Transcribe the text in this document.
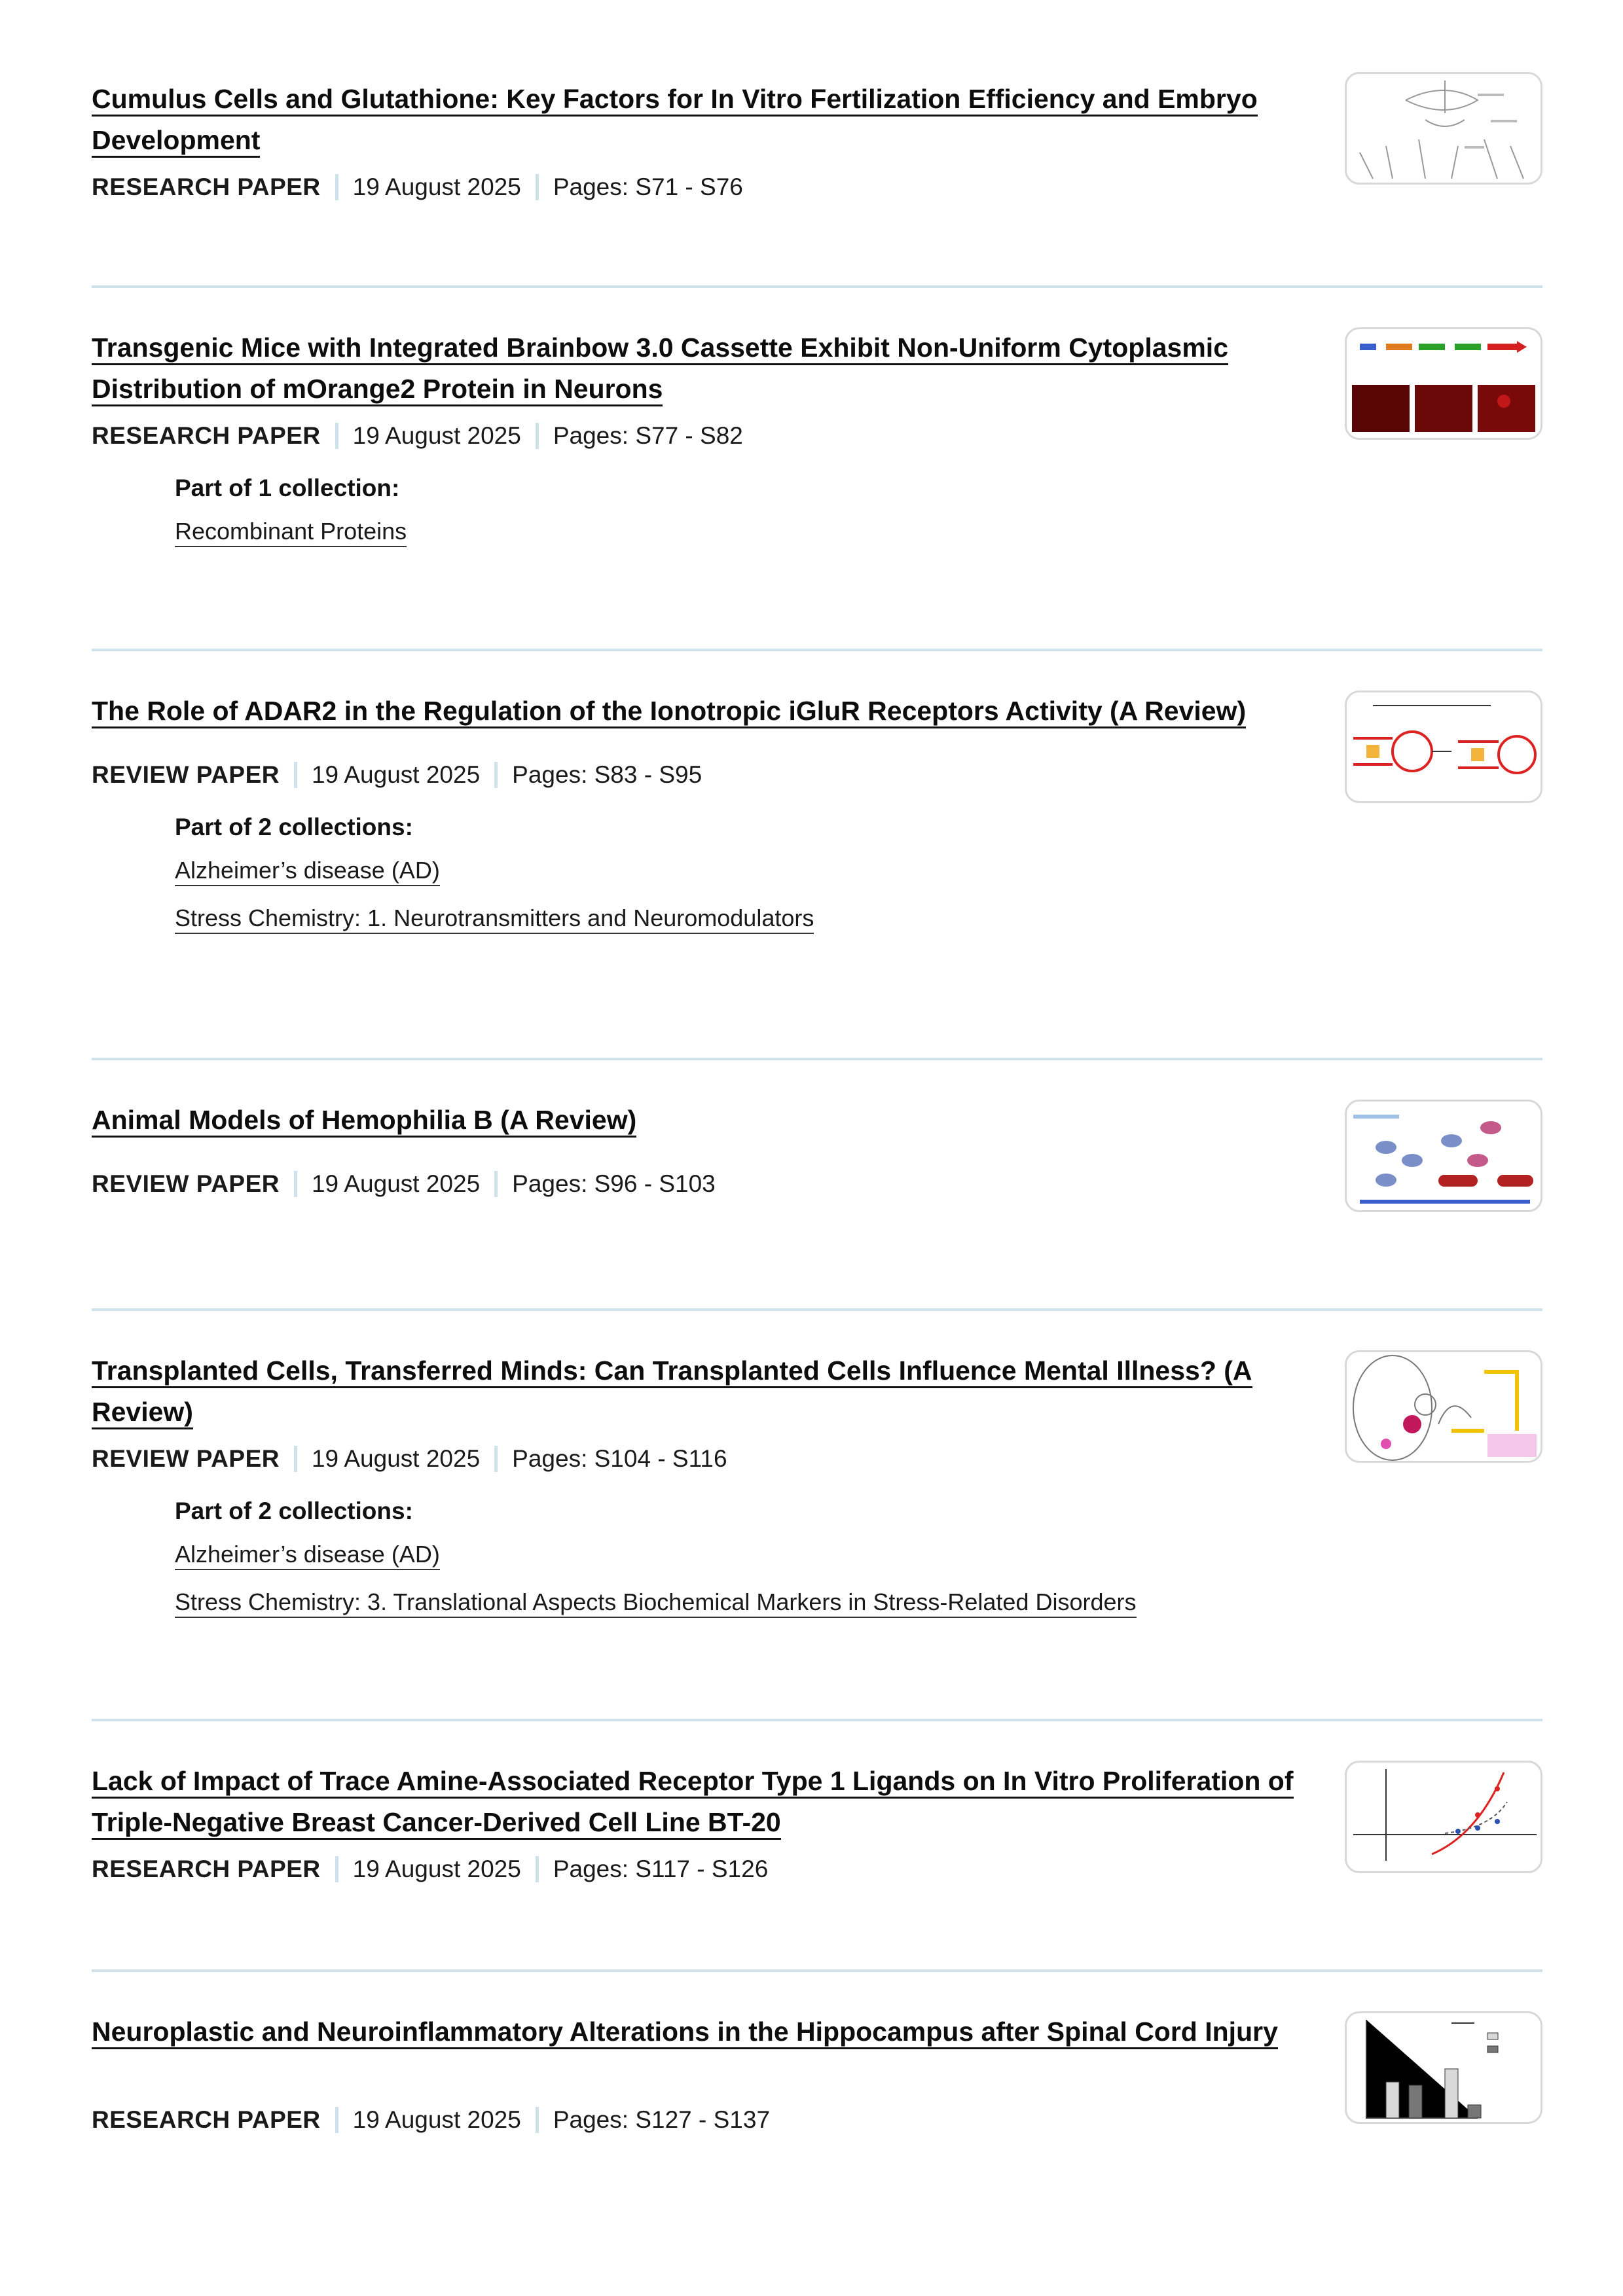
Cumulus Cells and Glutathione: Key Factors for In Vitro Fertilization Efficiency and Embryo Development
RESEARCH PAPER 19 August 2025 Pages: S71 - S76
Transgenic Mice with Integrated Brainbow 3.0 Cassette Exhibit Non-Uniform Cytoplasmic Distribution of mOrange2 Protein in Neurons
RESEARCH PAPER 19 August 2025 Pages: S77 - S82
Part of 1 collection:
Recombinant Proteins
The Role of ADAR2 in the Regulation of the Ionotropic iGluR Receptors Activity (A Review)
REVIEW PAPER 19 August 2025 Pages: S83 - S95
Part of 2 collections:
Alzheimer’s disease (AD)
Stress Chemistry: 1. Neurotransmitters and Neuromodulators
Animal Models of Hemophilia B (A Review)
REVIEW PAPER 19 August 2025 Pages: S96 - S103
Transplanted Cells, Transferred Minds: Can Transplanted Cells Influence Mental Illness? (A Review)
REVIEW PAPER 19 August 2025 Pages: S104 - S116
Part of 2 collections:
Alzheimer’s disease (AD)
Stress Chemistry: 3. Translational Aspects Biochemical Markers in Stress-Related Disorders
Lack of Impact of Trace Amine-Associated Receptor Type 1 Ligands on In Vitro Proliferation of Triple-Negative Breast Cancer-Derived Cell Line BT-20
RESEARCH PAPER 19 August 2025 Pages: S117 - S126
Neuroplastic and Neuroinflammatory Alterations in the Hippocampus after Spinal Cord Injury
RESEARCH PAPER 19 August 2025 Pages: S127 - S137
